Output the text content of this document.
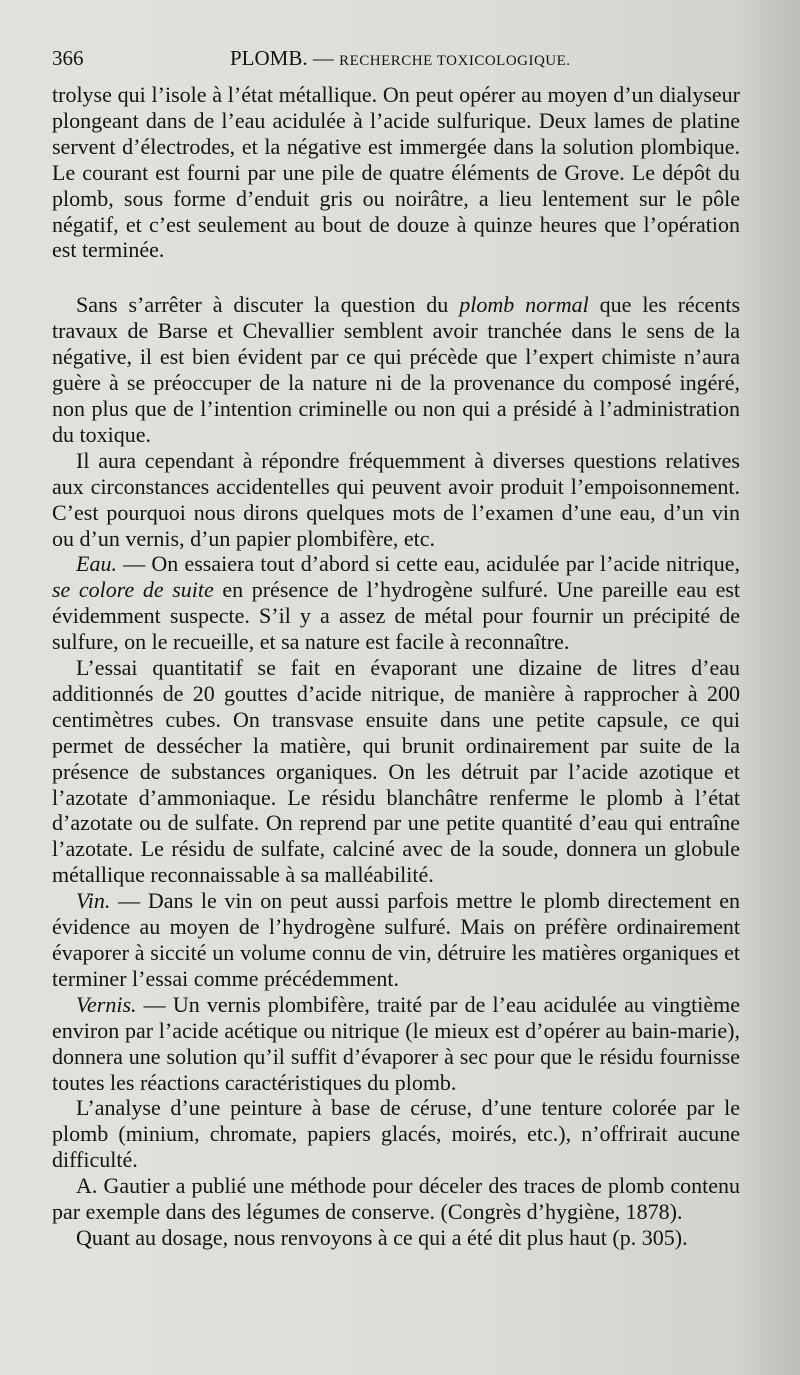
366	PLOMB. — RECHERCHE TOXICOLOGIQUE.

trolyse qui l’isole à l’état métallique. On peut opérer au moyen d’un dialyseur plongeant dans de l’eau acidulée à l’acide sulfurique. Deux lames de platine servent d’électrodes, et la négative est immergée dans la solution plombique. Le courant est fourni par une pile de quatre éléments de Grove. Le dépôt du plomb, sous forme d’enduit gris ou noirâtre, a lieu lentement sur le pôle négatif, et c’est seulement au bout de douze à quinze heures que l’opération est terminée.

Sans s’arrêter à discuter la question du plomb normal que les récents travaux de Barse et Chevallier semblent avoir tranchée dans le sens de la négative, il est bien évident par ce qui précède que l’expert chimiste n’aura guère à se préoccuper de la nature ni de la provenance du composé ingéré, non plus que de l’intention criminelle ou non qui a présidé à l’administration du toxique.

Il aura cependant à répondre fréquemment à diverses questions relatives aux circonstances accidentelles qui peuvent avoir produit l’empoisonnement. C’est pourquoi nous dirons quelques mots de l’examen d’une eau, d’un vin ou d’un vernis, d’un papier plombifère, etc.

Eau. — On essaiera tout d’abord si cette eau, acidulée par l’acide nitrique, se colore de suite en présence de l’hydrogène sulfuré. Une pareille eau est évidemment suspecte. S’il y a assez de métal pour fournir un précipité de sulfure, on le recueille, et sa nature est facile à reconnaître.

L’essai quantitatif se fait en évaporant une dizaine de litres d’eau additionnés de 20 gouttes d’acide nitrique, de manière à rapprocher à 200 centimètres cubes. On transvase ensuite dans une petite capsule, ce qui permet de dessécher la matière, qui brunit ordinairement par suite de la présence de substances organiques. On les détruit par l’acide azotique et l’azotate d’ammoniaque. Le résidu blanchâtre renferme le plomb à l’état d’azotate ou de sulfate. On reprend par une petite quantité d’eau qui entraîne l’azotate. Le résidu de sulfate, calciné avec de la soude, donnera un globule métallique reconnaissable à sa malléabilité.

Vin. — Dans le vin on peut aussi parfois mettre le plomb directement en évidence au moyen de l’hydrogène sulfuré. Mais on préfère ordinairement évaporer à siccité un volume connu de vin, détruire les matières organiques et terminer l’essai comme précédemment.

Vernis. — Un vernis plombifère, traité par de l’eau acidulée au vingtième environ par l’acide acétique ou nitrique (le mieux est d’opérer au bain-marie), donnera une solution qu’il suffit d’évaporer à sec pour que le résidu fournisse toutes les réactions caractéristiques du plomb.

L’analyse d’une peinture à base de céruse, d’une tenture colorée par le plomb (minium, chromate, papiers glacés, moirés, etc.), n’offrirait aucune difficulté.

A. Gautier a publié une méthode pour déceler des traces de plomb contenu par exemple dans des légumes de conserve. (Congrès d’hygiène, 1878).

Quant au dosage, nous renvoyons à ce qui a été dit plus haut (p. 305).
